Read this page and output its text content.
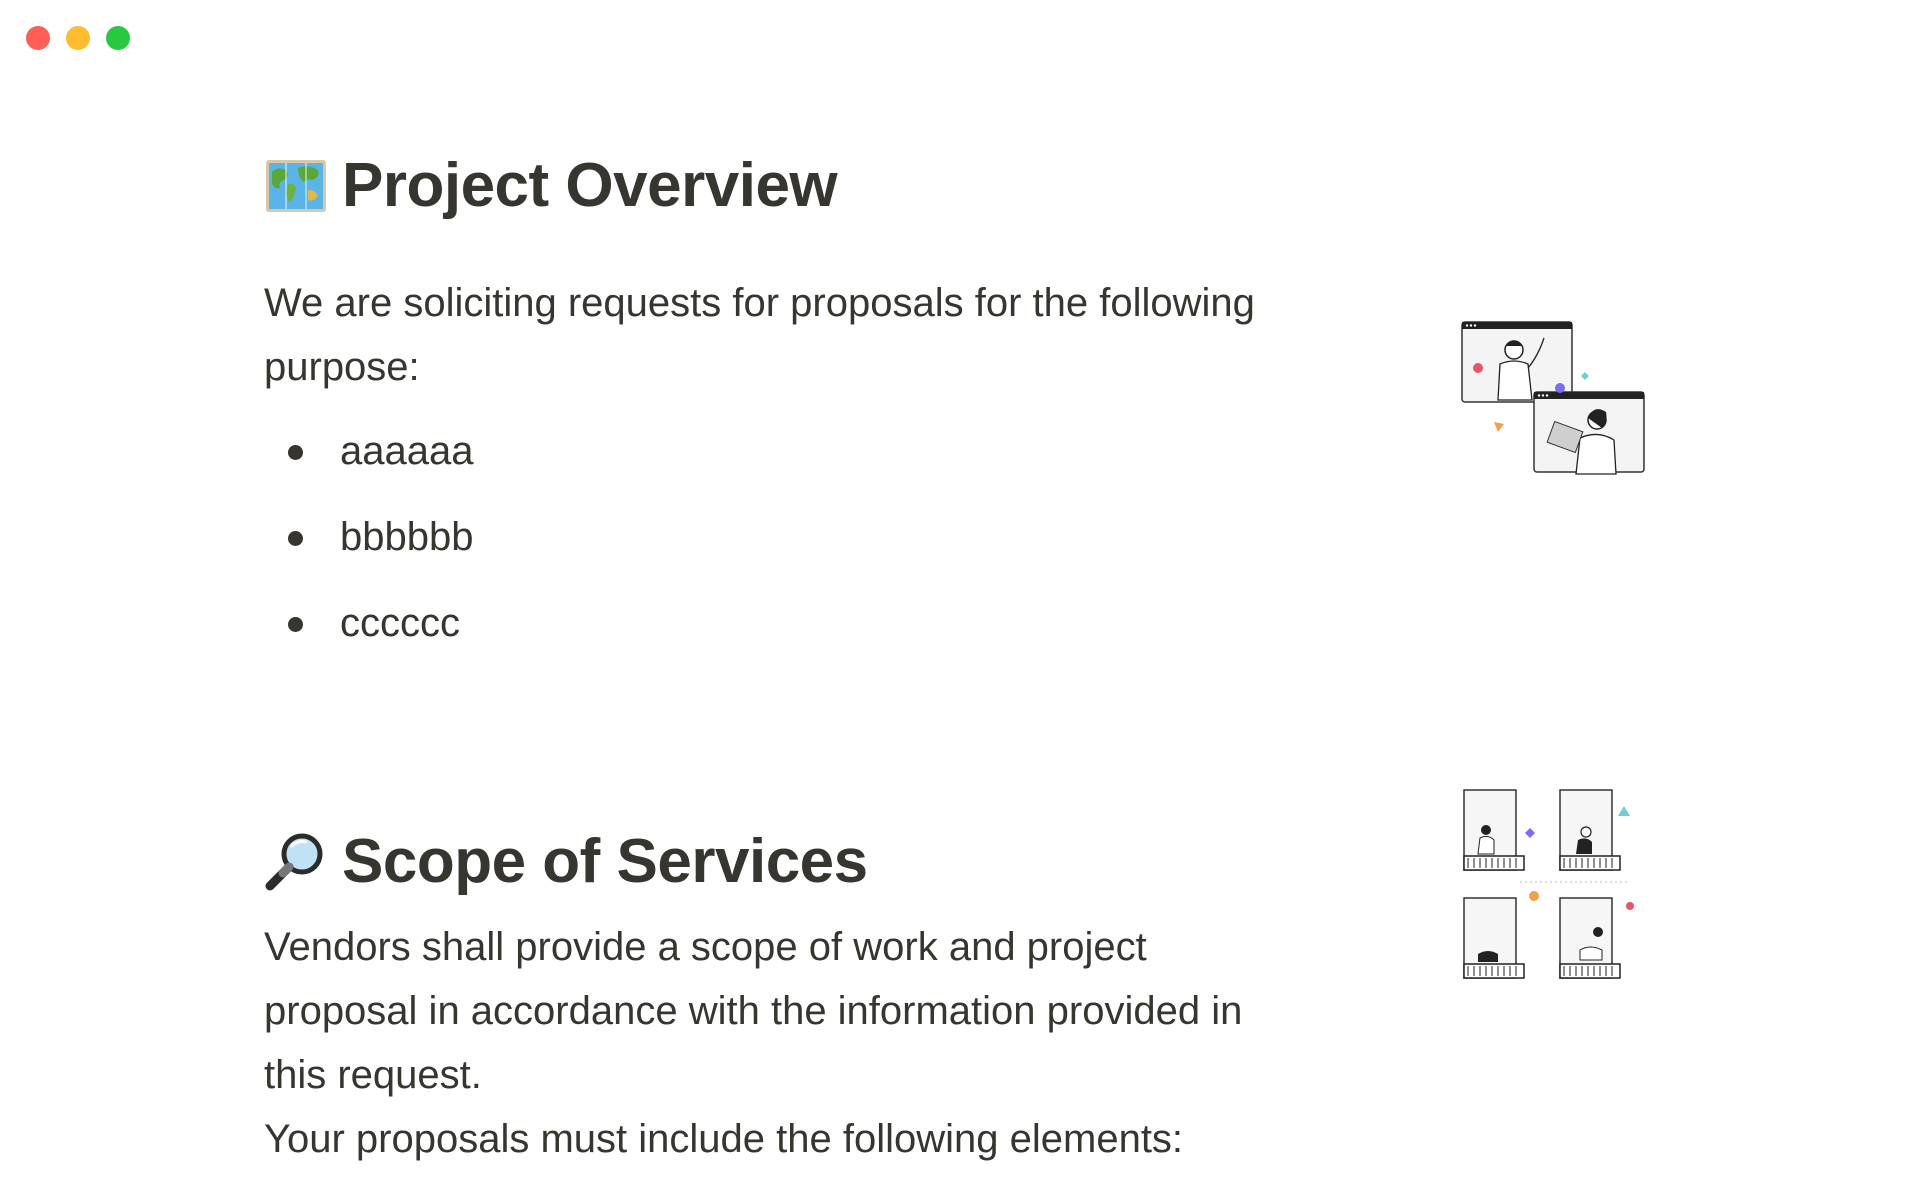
Project Overview

We are soliciting requests for proposals for the following purpose:

aaaaaa
bbbbbb
cccccc
Scope of Services

Vendors shall provide a scope of work and project proposal in accordance with the information provided in this request.

Your proposals must include the following elements:
